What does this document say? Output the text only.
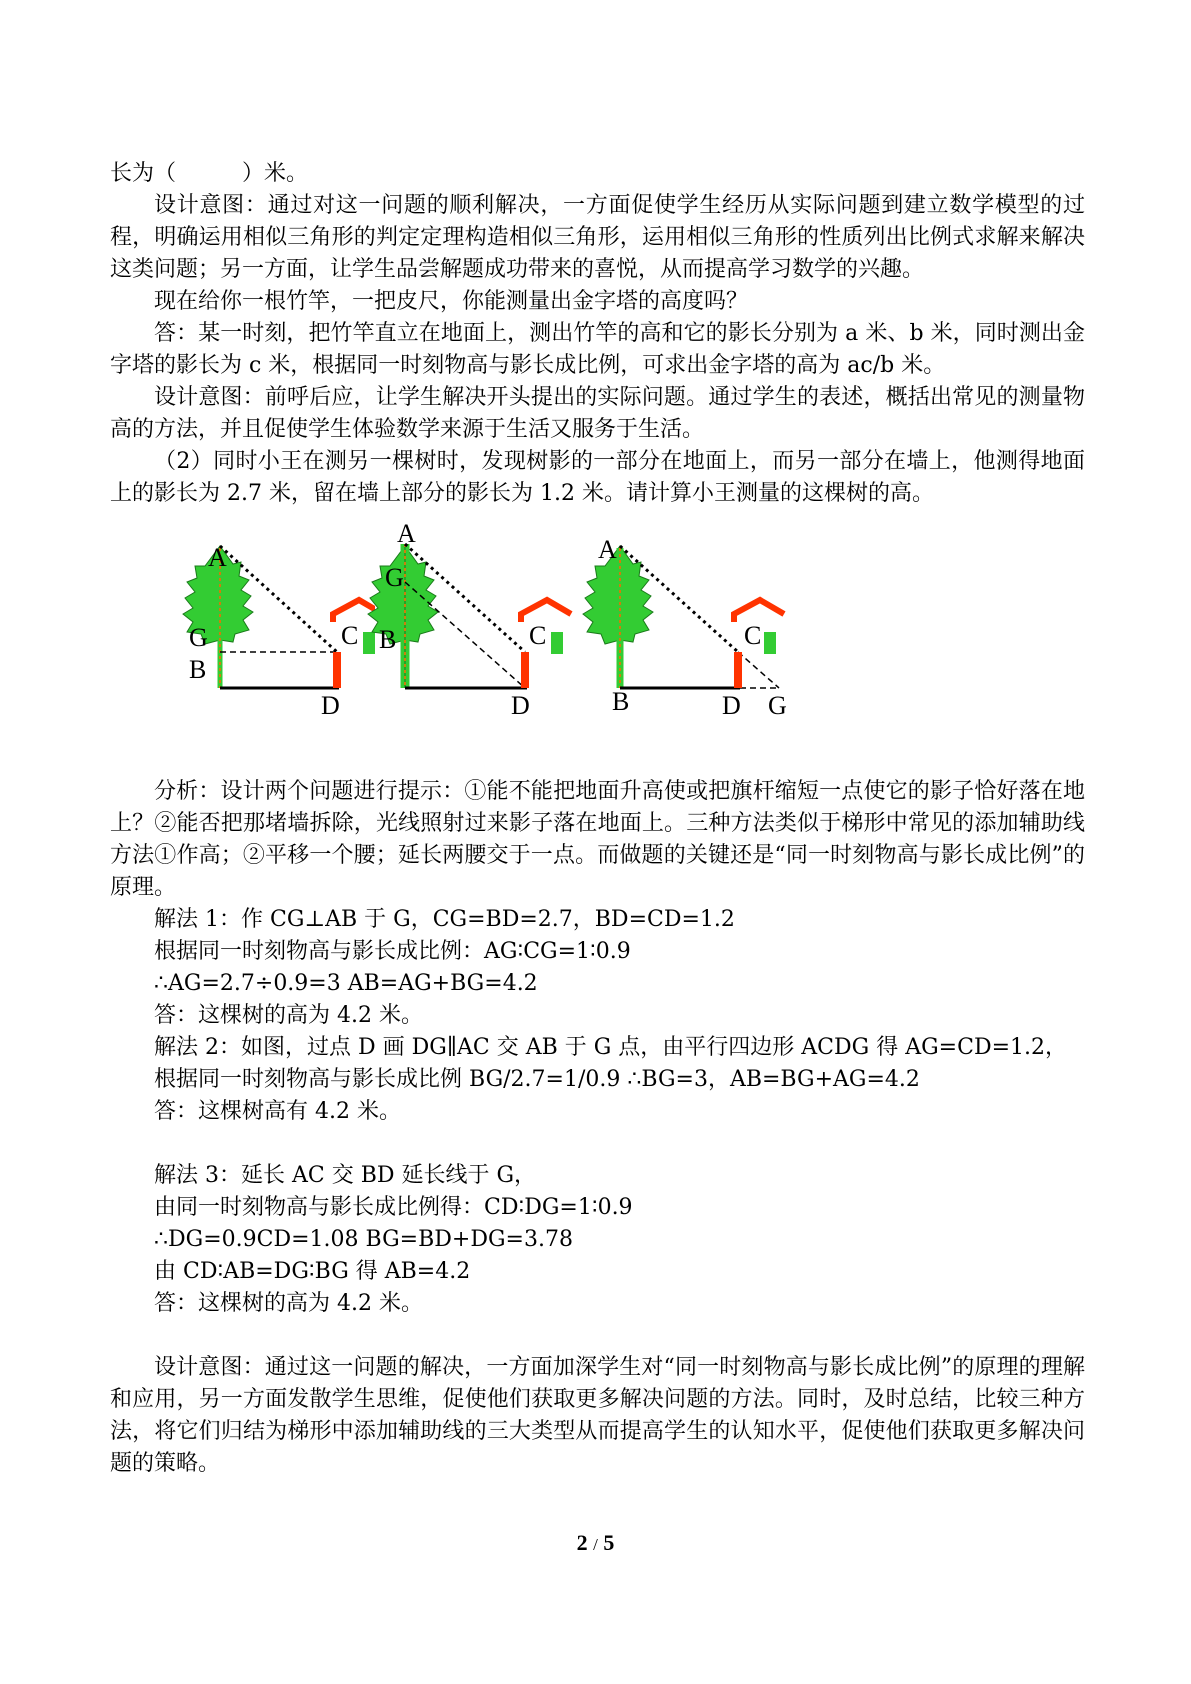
长为（　　　）米。

设计意图：通过对这一问题的顺利解决，一方面促使学生经历从实际问题到建立数学模型的过程，明确运用相似三角形的判定定理构造相似三角形，运用相似三角形的性质列出比例式求解来解决这类问题；另一方面，让学生品尝解题成功带来的喜悦，从而提高学习数学的兴趣。

现在给你一根竹竿，一把皮尺，你能测量出金字塔的高度吗？

答：某一时刻，把竹竿直立在地面上，测出竹竿的高和它的影长分别为 a 米、b 米，同时测出金字塔的影长为 c 米，根据同一时刻物高与影长成比例，可求出金字塔的高为 ac/b 米。

设计意图：前呼后应，让学生解决开头提出的实际问题。通过学生的表述，概括出常见的测量物高的方法，并且促使学生体验数学来源于生活又服务于生活。

（2）同时小王在测另一棵树时，发现树影的一部分在地面上，而另一部分在墙上，他测得地面上的影长为 2.7 米，留在墙上部分的影长为 1.2 米。请计算小王测量的这棵树的高。

A
G
B
C
D
A
G
B	C
D
A
B
C
D G

分析：设计两个问题进行提示：①能不能把地面升高使或把旗杆缩短一点使它的影子恰好落在地上？②能否把那堵墙拆除，光线照射过来影子落在地面上。三种方法类似于梯形中常见的添加辅助线方法①作高；②平移一个腰；延长两腰交于一点。而做题的关键还是“同一时刻物高与影长成比例”的原理。

解法 1：作 CG⊥AB 于 G，CG=BD=2.7，BD=CD=1.2

根据同一时刻物高与影长成比例：AG∶CG=1∶0.9

∴AG=2.7÷0.9=3 AB=AG+BG=4.2

答：这棵树的高为 4.2 米。

解法 2：如图，过点 D 画 DG∥AC 交 AB 于 G 点，由平行四边形 ACDG 得 AG=CD=1.2，

根据同一时刻物高与影长成比例 BG/2.7=1/0.9 ∴BG=3，AB=BG+AG=4.2

答：这棵树高有 4.2 米。

解法 3：延长 AC 交 BD 延长线于 G，

由同一时刻物高与影长成比例得：CD∶DG=1∶0.9

∴DG=0.9CD=1.08 BG=BD+DG=3.78

由 CD∶AB=DG∶BG 得 AB=4.2

答：这棵树的高为 4.2 米。

设计意图：通过这一问题的解决，一方面加深学生对“同一时刻物高与影长成比例”的原理的理解和应用，另一方面发散学生思维，促使他们获取更多解决问题的方法。同时，及时总结，比较三种方法，将它们归结为梯形中添加辅助线的三大类型从而提高学生的认知水平，促使他们获取更多解决问题的策略。

2 / 5
